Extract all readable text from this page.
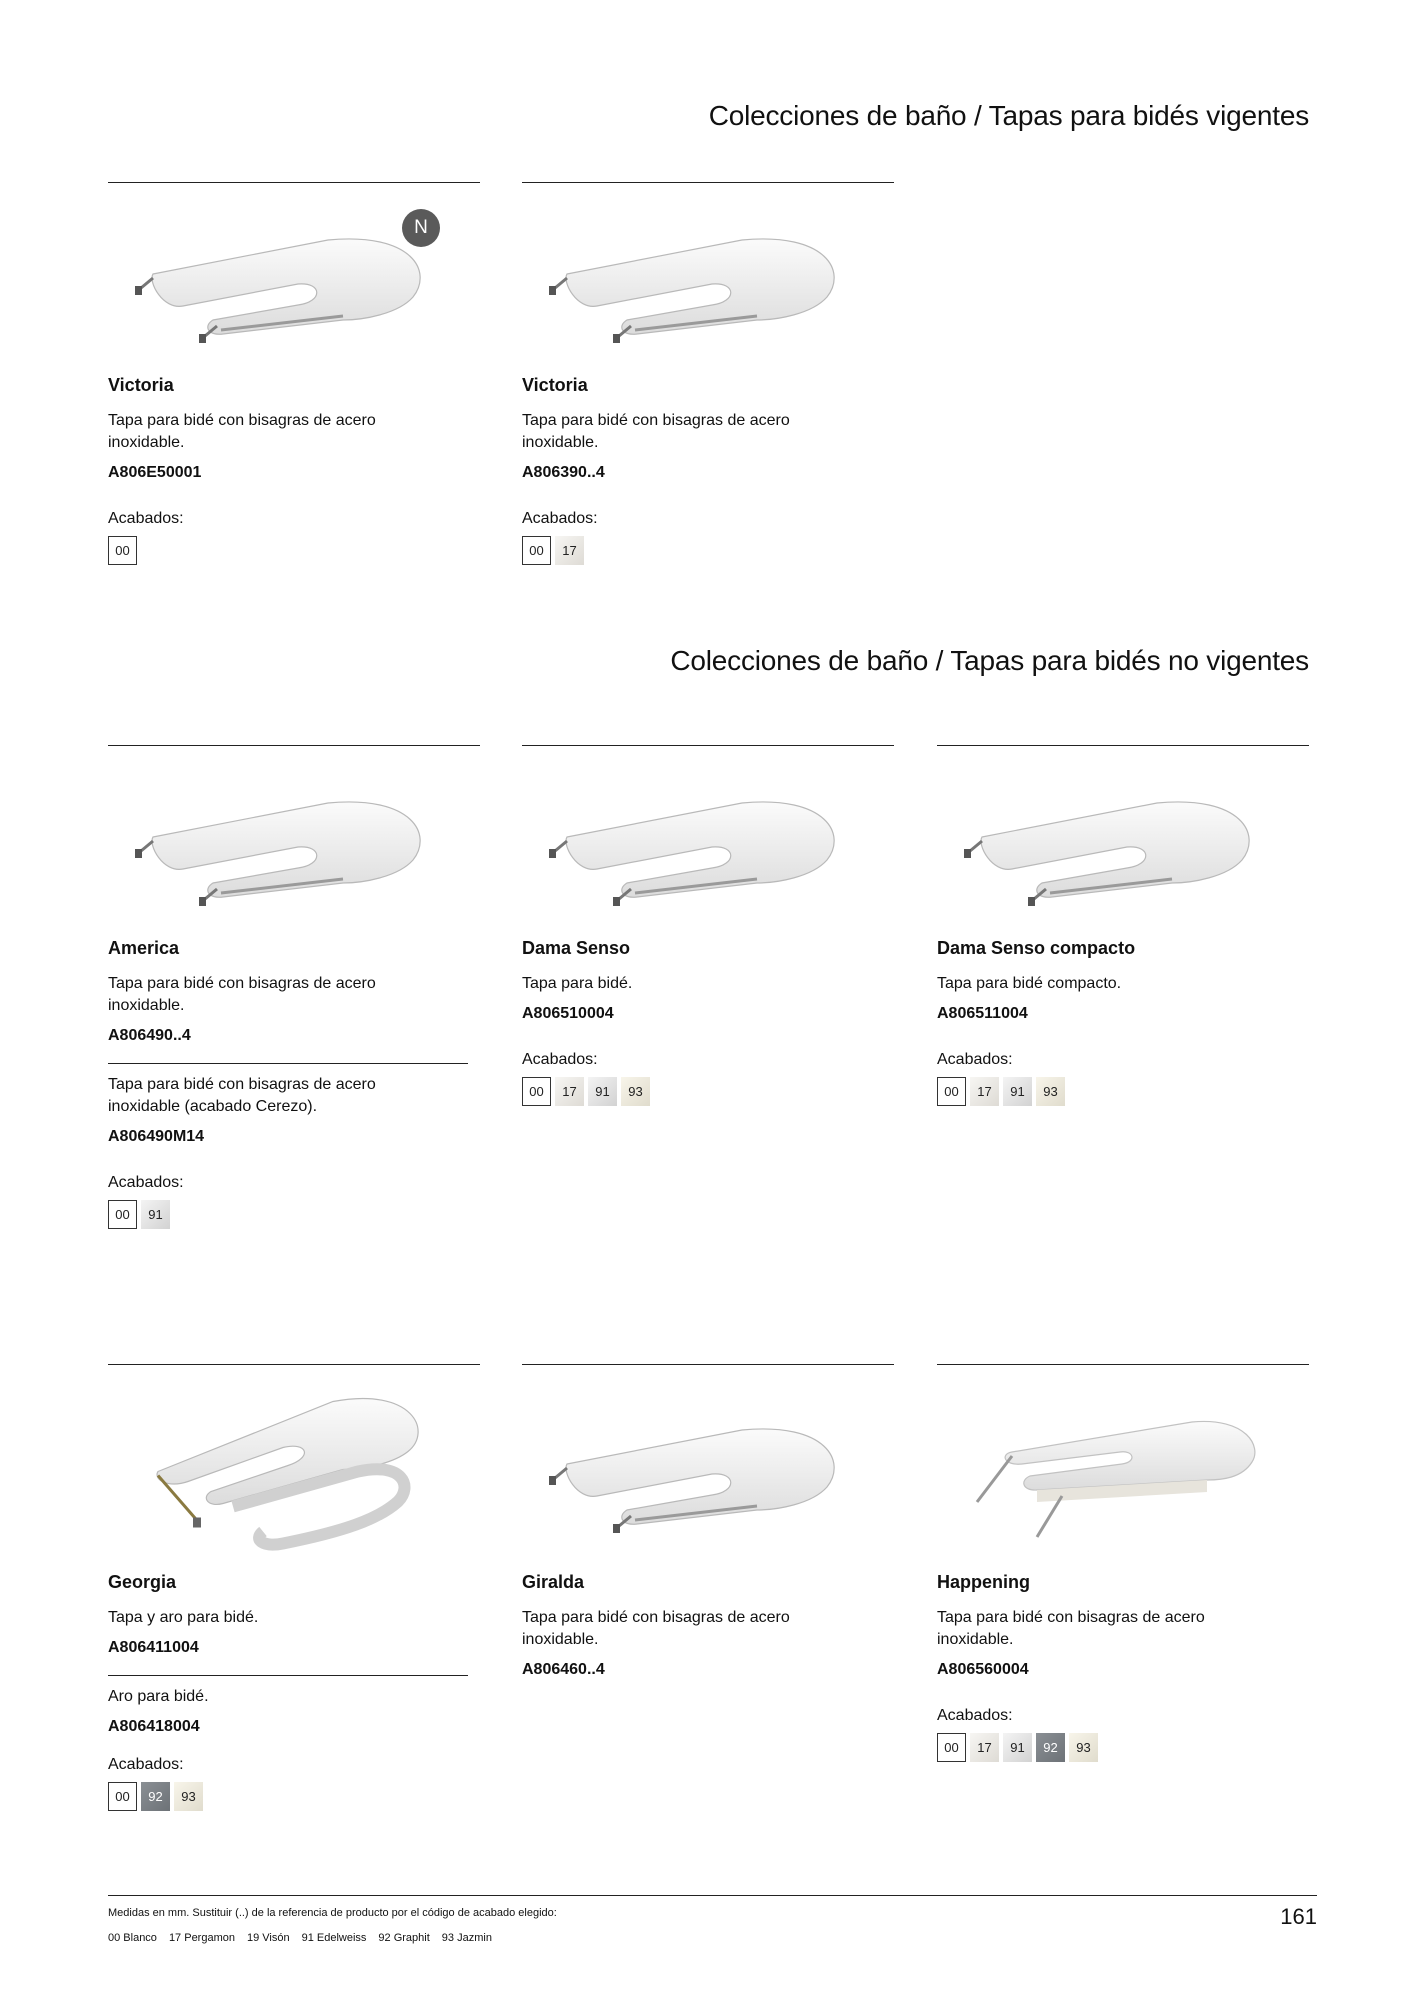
Colecciones de baño / Tapas para bidés vigentes
N
Victoria
Tapa para bidé con bisagras de acero inoxidable.
A806E50001
Acabados:
00
Victoria
Tapa para bidé con bisagras de acero inoxidable.
A806390..4
Acabados:
00	17
Colecciones de baño / Tapas para bidés no vigentes
America
Tapa para bidé con bisagras de acero inoxidable.
A806490..4
Tapa para bidé con bisagras de acero inoxidable (acabado Cerezo).
A806490M14
Acabados:
00	91
Dama Senso
Tapa para bidé.
A806510004
Acabados:
00	17	91	93
Dama Senso compacto
Tapa para bidé compacto.
A806511004
Acabados:
00	17	91	93
Georgia
Tapa y aro para bidé.
A806411004
Aro para bidé.
A806418004
Acabados:
00	92	93
Giralda
Tapa para bidé con bisagras de acero inoxidable.
A806460..4
Happening
Tapa para bidé con bisagras de acero inoxidable.
A806560004
Acabados:
00	17	91	92	93

Medidas en mm. Sustituir (..) de la referencia de producto por el código de acabado elegido:

00 Blanco 17 Pergamon 19 Visón 91 Edelweiss 92 Graphit 93 Jazmin

161
